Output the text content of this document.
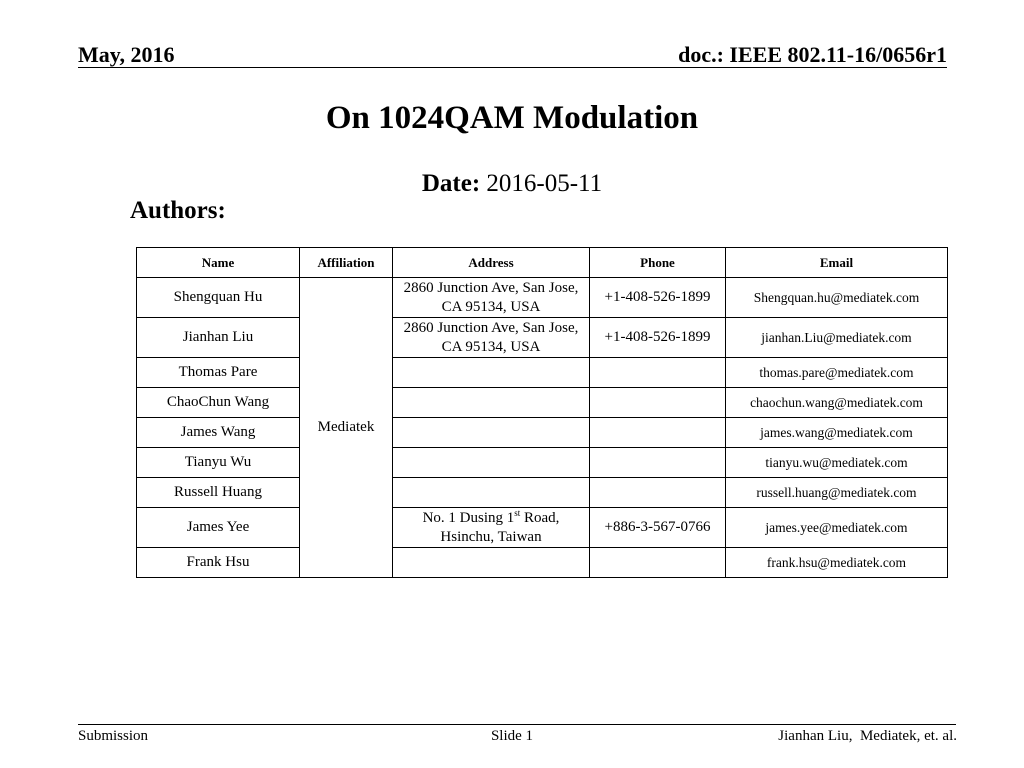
May, 2016	doc.: IEEE 802.11-16/0656r1
On 1024QAM Modulation
Date: 2016-05-11
Authors:
Name	Affiliation	Address	Phone	Email
Shengquan Hu	Mediatek	2860 Junction Ave, San Jose, CA 95134, USA	+1-408-526-1899	Shengquan.hu@mediatek.com
Jianhan Liu		2860 Junction Ave, San Jose, CA 95134, USA	+1-408-526-1899	jianhan.Liu@mediatek.com
Thomas Pare				thomas.pare@mediatek.com
ChaoChun Wang				chaochun.wang@mediatek.com
James Wang				james.wang@mediatek.com
Tianyu Wu				tianyu.wu@mediatek.com
Russell Huang				russell.huang@mediatek.com
James Yee		No. 1 Dusing 1st Road, Hsinchu, Taiwan	+886-3-567-0766	james.yee@mediatek.com
Frank Hsu				frank.hsu@mediatek.com
Submission	Slide 1	Jianhan Liu,  Mediatek, et. al.
